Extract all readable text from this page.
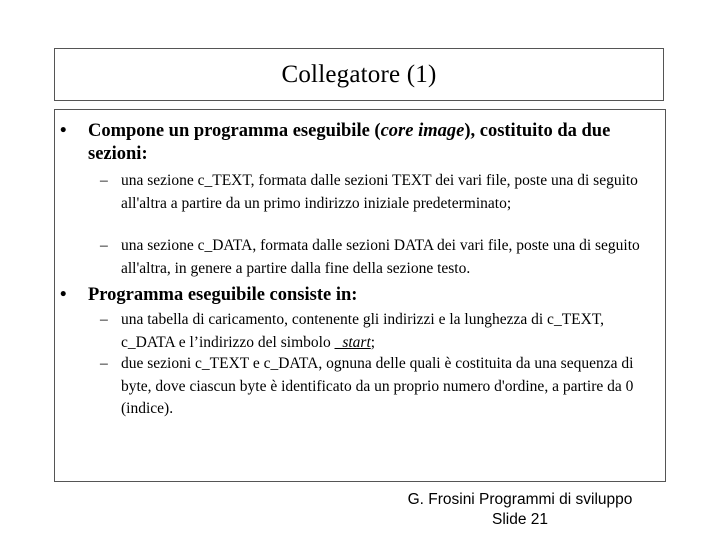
Collegatore (1)
• Compone un programma eseguibile (core image), costituito da due sezioni:
– una sezione c_TEXT, formata dalle sezioni TEXT dei vari file, poste una di seguito all'altra a partire da un primo indirizzo iniziale predeterminato;
– una sezione c_DATA, formata dalle sezioni DATA dei vari file, poste una di seguito all'altra, in genere a partire dalla fine della sezione testo.
• Programma eseguibile consiste in:
– una tabella di caricamento, contenente gli indirizzi e la lunghezza di c_TEXT, c_DATA e l’indirizzo del simbolo _start;
– due sezioni c_TEXT e c_DATA, ognuna delle quali è costituita da una sequenza di byte, dove ciascun byte è identificato da un proprio numero d'ordine, a partire da 0 (indice).
G. Frosini Programmi di sviluppo
Slide 21
